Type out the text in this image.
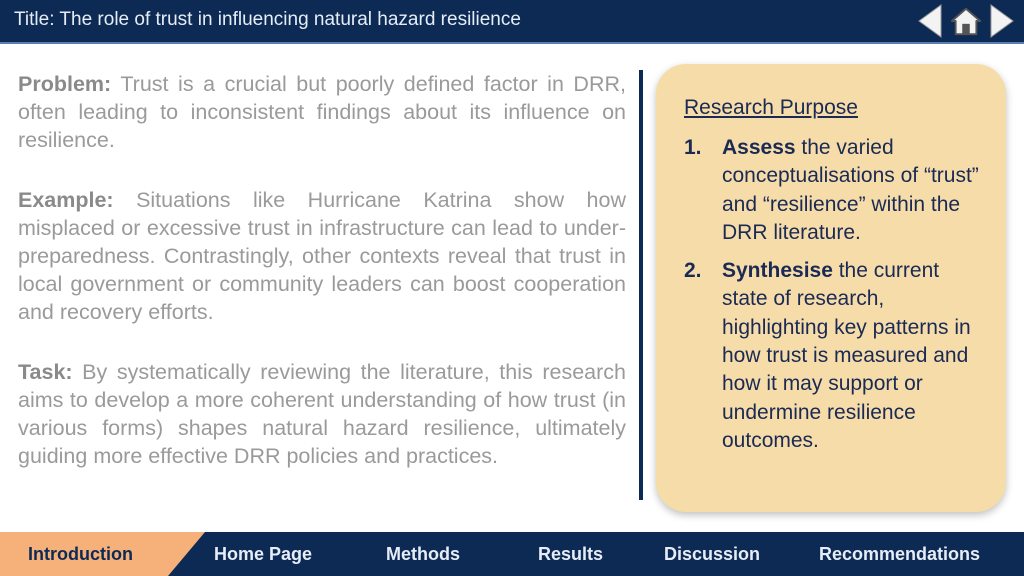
Title: The role of trust in influencing natural hazard resilience

Problem: Trust is a crucial but poorly defined factor in DRR, often leading to inconsistent findings about its influence on resilience.

Example: Situations like Hurricane Katrina show how misplaced or excessive trust in infrastructure can lead to under-preparedness. Contrastingly, other contexts reveal that trust in local government or community leaders can boost cooperation and recovery efforts.

Task: By systematically reviewing the literature, this research aims to develop a more coherent understanding of how trust (in various forms) shapes natural hazard resilience, ultimately guiding more effective DRR policies and practices.

Research Purpose
1. Assess the varied conceptualisations of “trust” and “resilience” within the DRR literature.
2. Synthesise the current state of research, highlighting key patterns in how trust is measured and how it may support or undermine resilience outcomes.
Introduction	Home Page	Methods	Results	Discussion	Recommendations
